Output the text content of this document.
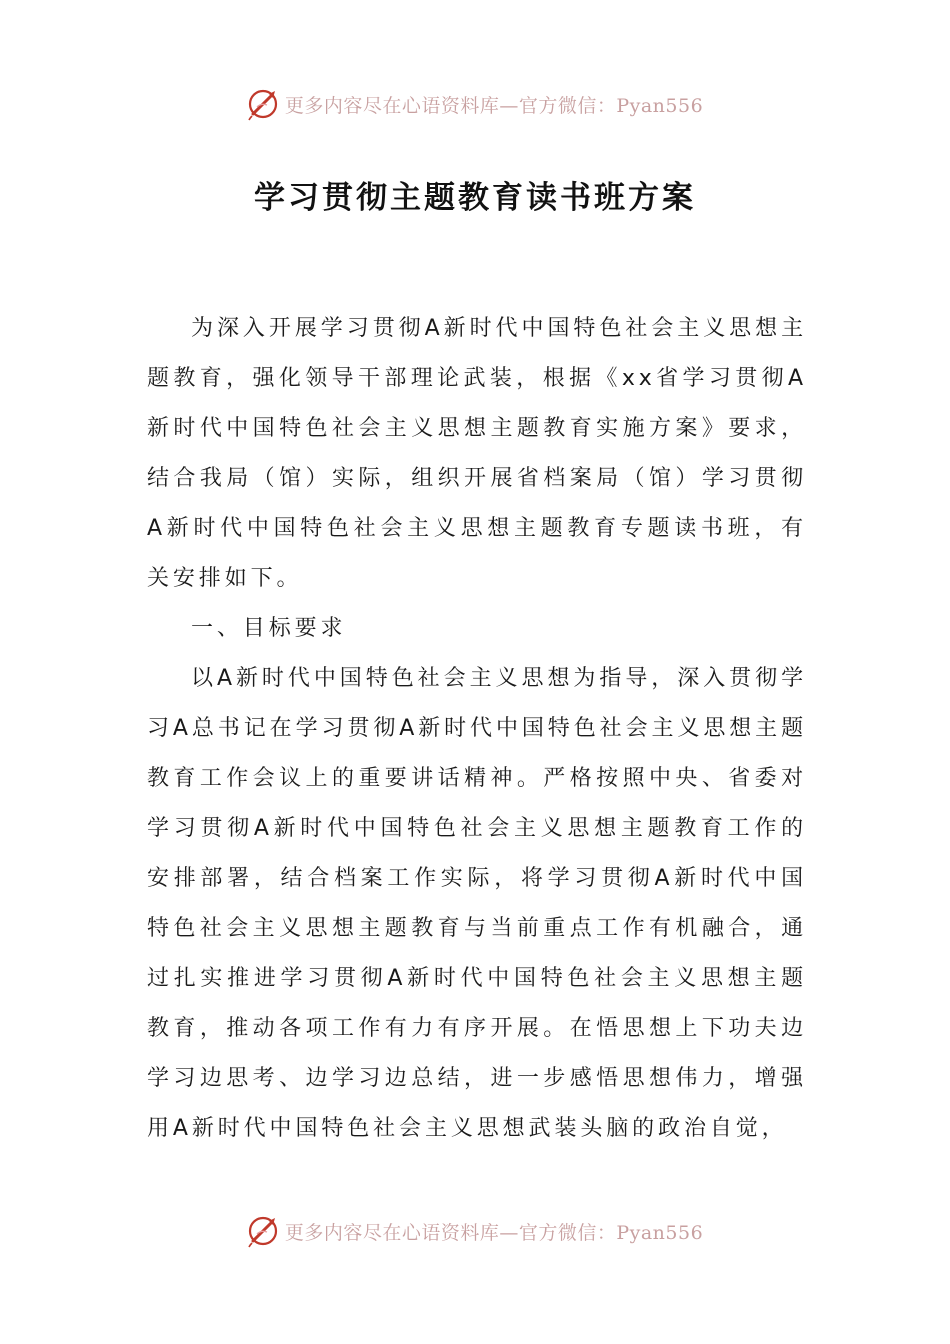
更多内容尽在心语资料库—官方微信：Pyan556
学习贯彻主题教育读书班方案

为深入开展学习贯彻A新时代中国特色社会主义思想主题教育，强化领导干部理论武装，根据《xx省学习贯彻A新时代中国特色社会主义思想主题教育实施方案》要求，结合我局（馆）实际，组织开展省档案局（馆）学习贯彻A新时代中国特色社会主义思想主题教育专题读书班，有关安排如下。

一、目标要求

以A新时代中国特色社会主义思想为指导，深入贯彻学习A总书记在学习贯彻A新时代中国特色社会主义思想主题教育工作会议上的重要讲话精神。严格按照中央、省委对学习贯彻A新时代中国特色社会主义思想主题教育工作的安排部署，结合档案工作实际，将学习贯彻A新时代中国特色社会主义思想主题教育与当前重点工作有机融合，通过扎实推进学习贯彻A新时代中国特色社会主义思想主题教育，推动各项工作有力有序开展。在悟思想上下功夫边学习边思考、边学习边总结，进一步感悟思想伟力，增强用A新时代中国特色社会主义思想武装头脑的政治自觉，

更多内容尽在心语资料库—官方微信：Pyan556
